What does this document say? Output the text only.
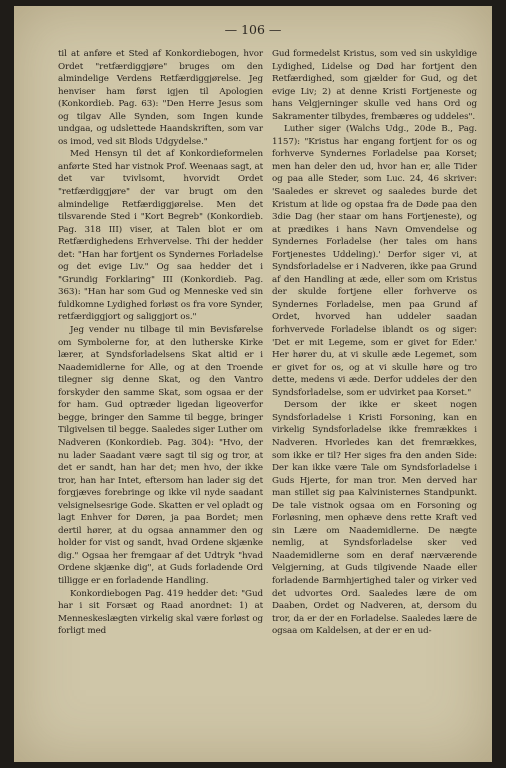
— 106 —

til at anføre et Sted af Konkordiebogen, hvor Ordet "retfærdiggjøre" bruges om den almindelige Verdens Retfærdiggjørelse. Jeg henviser ham først igjen til Apologien (Konkordieb. Pag. 63): "Den Herre Jesus som og tilgav Alle Synden, som Ingen kunde undgaa, og udslettede Haandskriften, som var os imod, ved sit Blods Udgydelse."

Med Hensyn til det af Konkordieformelen anførte Sted har vistnok Prof. Weenaas sagt, at det var tvivlsomt, hvorvidt Ordet "retfærdiggjøre" der var brugt om den almindelige Retfærdiggjørelse. Men det tilsvarende Sted i "Kort Begreb" (Konkordieb. Pag. 318 III) viser, at Talen blot er om Retfærdighedens Erhvervelse. Thi der hedder det: "Han har fortjent os Syndernes Forladelse og det evige Liv." Og saa hedder det i "Grundig Forklaring" III (Konkordieb. Pag. 363): "Han har som Gud og Menneske ved sin fuldkomne Lydighed forløst os fra vore Synder, retfærdiggjort og saliggjort os."

Jeg vender nu tilbage til min Bevisførelse om Symbolerne for, at den lutherske Kirke lærer, at Syndsforladelsens Skat altid er i Naademidlerne for Alle, og at den Troende tilegner sig denne Skat, og den Vantro forskyder den samme Skat, som ogsaa er der for ham. Gud optræder ligedan ligeoverfor begge, bringer den Samme til begge, bringer Tilgivelsen til begge. Saaledes siger Luther om Nadveren (Konkordieb. Pag. 304): "Hvo, der nu lader Saadant være sagt til sig og tror, at det er sandt, han har det; men hvo, der ikke tror, han har Intet, eftersom han lader sig det forgjæves forebringe og ikke vil nyde saadant velsignelsesrige Gode. Skatten er vel opladt og lagt Enhver for Døren, ja paa Bordet; men dertil hører, at du ogsaa annammer den og holder for vist og sandt, hvad Ordene skjænke dig." Ogsaa her fremgaar af det Udtryk "hvad Ordene skjænke dig", at Guds forladende Ord tilligge er en forladende Handling.

Konkordiebogen Pag. 419 hedder det: "Gud har i sit Forsæt og Raad anordnet: 1) at Menneskeslægten virkelig skal være forløst og forligt med

Gud formedelst Kristus, som ved sin uskyldige Lydighed, Lidelse og Død har fortjent den Retfærdighed, som gjælder for Gud, og det evige Liv; 2) at denne Kristi Fortjeneste og hans Velgjerninger skulle ved hans Ord og Sakramenter tilbydes, frembæres og uddeles".

Luther siger (Walchs Udg., 20de B., Pag. 1157): "Kristus har engang fortjent for os og forhverve Syndernes Forladelse paa Korset; men han deler den ud, hvor han er, alle Tider og paa alle Steder, som Luc. 24, 46 skriver: 'Saaledes er skrevet og saaledes burde det Kristum at lide og opstaa fra de Døde paa den 3die Dag (her staar om hans Fortjeneste), og at prædikes i hans Navn Omvendelse og Syndernes Forladelse (her tales om hans Fortjenestes Uddeling).' Derfor siger vi, at Syndsforladelse er i Nadveren, ikke paa Grund af den Handling at æde, eller som om Kristus der skulde fortjene eller forhverve os Syndernes Forladelse, men paa Grund af Ordet, hvorved han uddeler saadan forhvervede Forladelse iblandt os og siger: 'Det er mit Legeme, som er givet for Eder.' Her hører du, at vi skulle æde Legemet, som er givet for os, og at vi skulle høre og tro dette, medens vi æde. Derfor uddeles der den Syndsforladelse, som er udvirket paa Korset."

Dersom der ikke er skeet nogen Syndsforladelse i Kristi Forsoning, kan en virkelig Syndsforladelse ikke fremrækkes i Nadveren. Hvorledes kan det fremrækkes, som ikke er til? Her siges fra den anden Side: Der kan ikke være Tale om Syndsforladelse i Guds Hjerte, for man tror. Men derved har man stillet sig paa Kalvinisternes Standpunkt. De tale vistnok ogsaa om en Forsoning og Forløsning, men ophæve dens rette Kraft ved sin Lære om Naademidlerne. De nægte nemlig, at Syndsforladelse sker ved Naademidlerne som en deraf nærværende Velgjerning, at Guds tilgivende Naade eller forladende Barmhjertighed taler og virker ved det udvortes Ord. Saaledes lære de om Daaben, Ordet og Nadveren, at, dersom du tror, da er der en Forladelse. Saaledes lære de ogsaa om Kaldelsen, at der er en ud-
